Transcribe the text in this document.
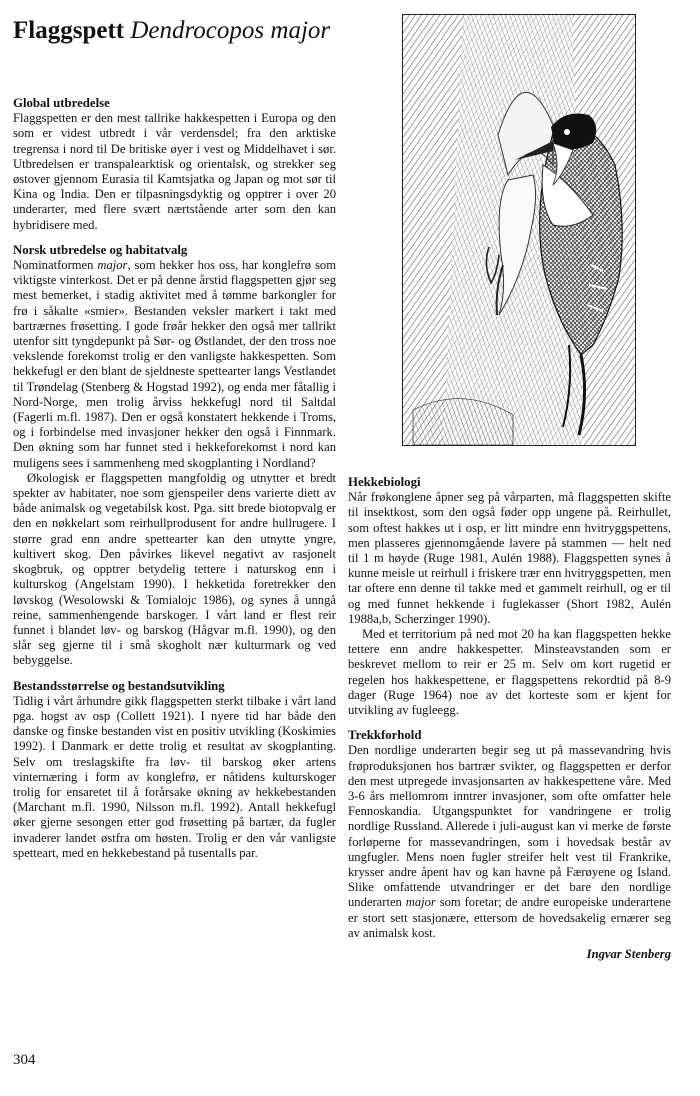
Flaggspett Dendrocopos major
Global utbredelse

Flaggspetten er den mest tallrike hakkespetten i Europa og den som er videst utbredt i vår verdensdel; fra den arktiske tregrensa i nord til De britiske øyer i vest og Middelhavet i sør. Utbredelsen er transpalearktisk og orientalsk, og strekker seg østover gjennom Eurasia til Kamtsjatka og Japan og mot sør til Kina og India. Den er tilpasningsdyktig og opptrer i over 20 underarter, med flere svært nærtstående arter som den kan hybridisere med.

Norsk utbredelse og habitatvalg

Nominatformen major, som hekker hos oss, har konglefrø som viktigste vinterkost. Det er på denne årstid flaggspetten gjør seg mest bemerket, i stadig aktivitet med å tømme barkongler for frø i såkalte «smier». Bestanden veksler markert i takt med bartrærnes frøsetting. I gode frøår hekker den også mer tallrikt utenfor sitt tyngdepunkt på Sør- og Østlandet, der den tross noe vekslende forekomst trolig er den vanligste hakkespetten. Som hekkefugl er den blant de sjeldneste spettearter langs Vestlandet til Trøndelag (Stenberg & Hogstad 1992), og enda mer fåtallig i Nord-Norge, men trolig årviss hekkefugl nord til Saltdal (Fagerli m.fl. 1987). Den er også konstatert hekkende i Troms, og i forbindelse med invasjoner hekker den også i Finnmark. Den økning som har funnet sted i hekkeforekomst i nord kan muligens sees i sammenheng med skogplanting i Nordland?

Økologisk er flaggspetten mangfoldig og utnytter et bredt spekter av habitater, noe som gjenspeiler dens varierte diett av både animalsk og vegetabilsk kost. Pga. sitt brede biotopvalg er den en nøkkelart som reirhullprodusent for andre hullrugere. I større grad enn andre spettearter kan den utnytte yngre, kultivert skog. Den påvirkes likevel negativt av rasjonelt skogbruk, og opptrer betydelig tettere i naturskog enn i kulturskog (Angelstam 1990). I hekketida foretrekker den løvskog (Wesolowski & Tomialojc 1986), og synes å unngå reine, sammenhengende barskoger. I vårt land er flest reir funnet i blandet løv- og barskog (Hågvar m.fl. 1990), og den slår seg gjerne til i små skogholt nær kulturmark og ved bebyggelse.

Bestandsstørrelse og bestandsutvikling

Tidlig i vårt århundre gikk flaggspetten sterkt tilbake i vårt land pga. hogst av osp (Collett 1921). I nyere tid har både den danske og finske bestanden vist en positiv utvikling (Koskimies 1992). I Danmark er dette trolig et resultat av skogplanting. Selv om treslagskifte fra løv- til barskog øker artens vinternæring i form av konglefrø, er nåtidens kulturskoger trolig for ensaretet til å forårsake økning av hekkebestanden (Marchant m.fl. 1990, Nilsson m.fl. 1992). Antall hekkefugl øker gjerne sesongen etter god frøsetting på bartær, da fugler invaderer landet østfra om høsten. Trolig er den vår vanligste spetteart, med en hekkebestand på tusentalls par.

Hekkebiologi

Når frøkonglene åpner seg på vårparten, må flaggspetten skifte til insektkost, som den også føder opp ungene på. Reirhullet, som oftest hakkes ut i osp, er litt mindre enn hvitryggspettens, men plasseres gjennomgående lavere på stammen — helt ned til 1 m høyde (Ruge 1981, Aulén 1988). Flaggspetten synes å kunne meisle ut reirhull i friskere trær enn hvitryggspetten, men tar oftere enn denne til takke med et gammelt reirhull, og er til og med funnet hekkende i fuglekasser (Short 1982, Aulén 1988a,b, Scherzinger 1990).

Med et territorium på ned mot 20 ha kan flaggspetten hekke tettere enn andre hakkespetter. Minsteavstanden som er beskrevet mellom to reir er 25 m. Selv om kort rugetid er regelen hos hakkespettene, er flaggspettens rekordtid på 8-9 dager (Ruge 1964) noe av det korteste som er kjent for utvikling av fugleegg.

Trekkforhold

Den nordlige underarten begir seg ut på massevandring hvis frøproduksjonen hos bartrær svikter, og flaggspetten er derfor den mest utpregede invasjonsarten av hakkespettene våre. Med 3-6 års mellomrom inntrer invasjoner, som ofte omfatter hele Fennoskandia. Utgangspunktet for vandringene er trolig nordlige Russland. Allerede i juli-august kan vi merke de første forløperne for massevandringen, som i hovedsak består av ungfugler. Mens noen fugler streifer helt vest til Frankrike, krysser andre åpent hav og kan havne på Færøyene og Island. Slike omfattende utvandringer er det bare den nordlige underarten major som foretar; de andre europeiske underartene er stort sett stasjonære, ettersom de hovedsakelig ernærer seg av animalsk kost.

Ingvar Stenberg

304
